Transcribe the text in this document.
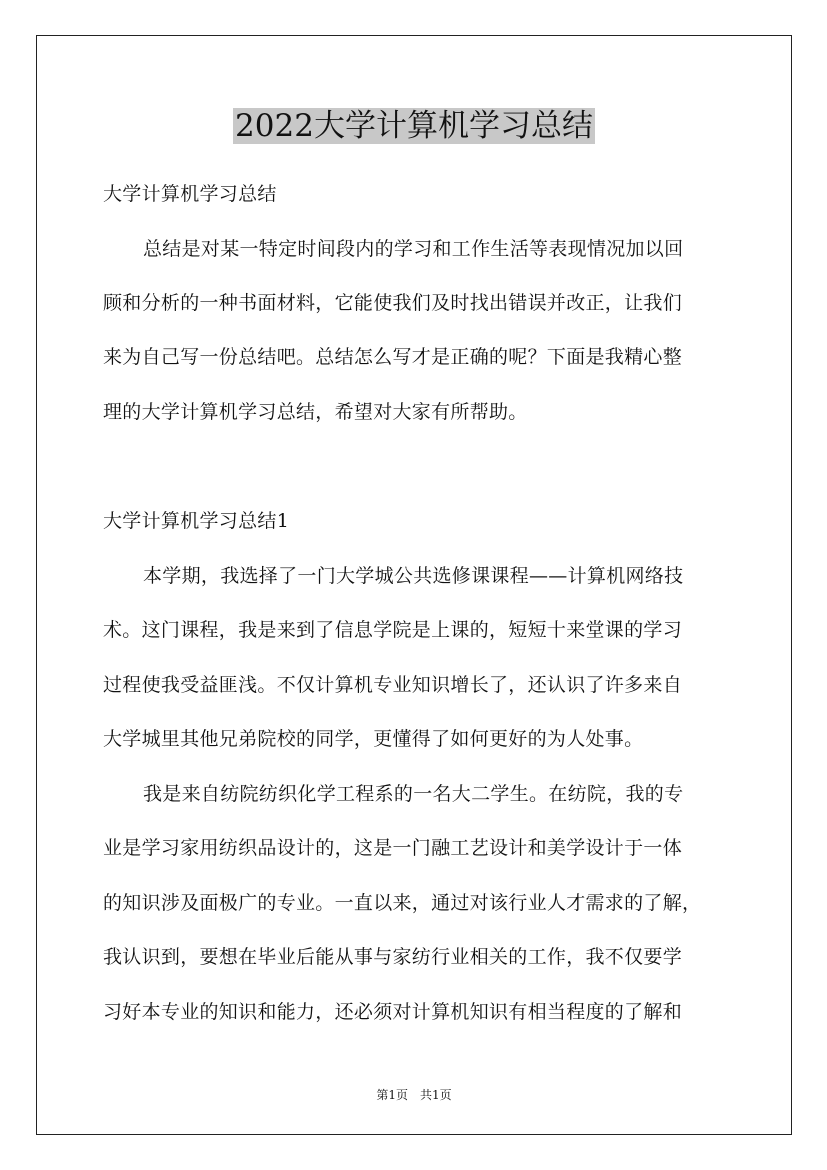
2022大学计算机学习总结
大学计算机学习总结
总结是对某一特定时间段内的学习和工作生活等表现情况加以回
顾和分析的一种书面材料，它能使我们及时找出错误并改正，让我们
来为自己写一份总结吧。总结怎么写才是正确的呢？下面是我精心整
理的大学计算机学习总结，希望对大家有所帮助。
大学计算机学习总结1
本学期，我选择了一门大学城公共选修课课程——计算机网络技
术。这门课程，我是来到了信息学院是上课的，短短十来堂课的学习
过程使我受益匪浅。不仅计算机专业知识增长了，还认识了许多来自
大学城里其他兄弟院校的同学，更懂得了如何更好的为人处事。
我是来自纺院纺织化学工程系的一名大二学生。在纺院，我的专
业是学习家用纺织品设计的，这是一门融工艺设计和美学设计于一体
的知识涉及面极广的专业。一直以来，通过对该行业人才需求的了解，
我认识到，要想在毕业后能从事与家纺行业相关的工作，我不仅要学
习好本专业的知识和能力，还必须对计算机知识有相当程度的了解和
第1页　共1页
